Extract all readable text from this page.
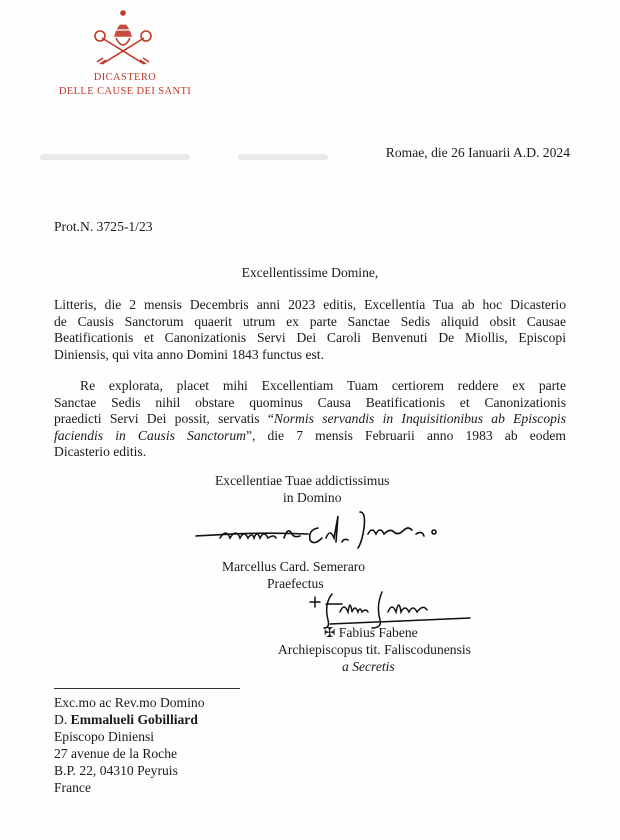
DICASTERO
DELLE CAUSE DEI SANTI
Romae, die 26 Ianuarii A.D. 2024
Prot.N. 3725-1/23
Excellentissime Domine,
Litteris, die 2 mensis Decembris anni 2023 editis, Excellentia Tua ab hoc Dicasterio
de Causis Sanctorum quaerit utrum ex parte Sanctae Sedis aliquid obsit Causae
Beatificationis et Canonizationis Servi Dei Caroli Benvenuti De Miollis, Episcopi
Diniensis, qui vita anno Domini 1843 functus est.
Re explorata, placet mihi Excellentiam Tuam certiorem reddere ex parte
Sanctae Sedis nihil obstare quominus Causa Beatificationis et Canonizationis
praedicti Servi Dei possit, servatis “Normis servandis in Inquisitionibus ab Episcopis
faciendis in Causis Sanctorum”, die 7 mensis Februarii anno 1983 ab eodem
Dicasterio editis.
Excellentiae Tuae addictissimus
in Domino
Marcellus Card. Semeraro
Praefectus
✠ Fabius Fabene
Archiepiscopus tit. Faliscodunensis
a Secretis
Exc.mo ac Rev.mo Domino
D. Emmalueli Gobilliard
Episcopo Diniensi
27 avenue de la Roche
B.P. 22, 04310 Peyruis
France
